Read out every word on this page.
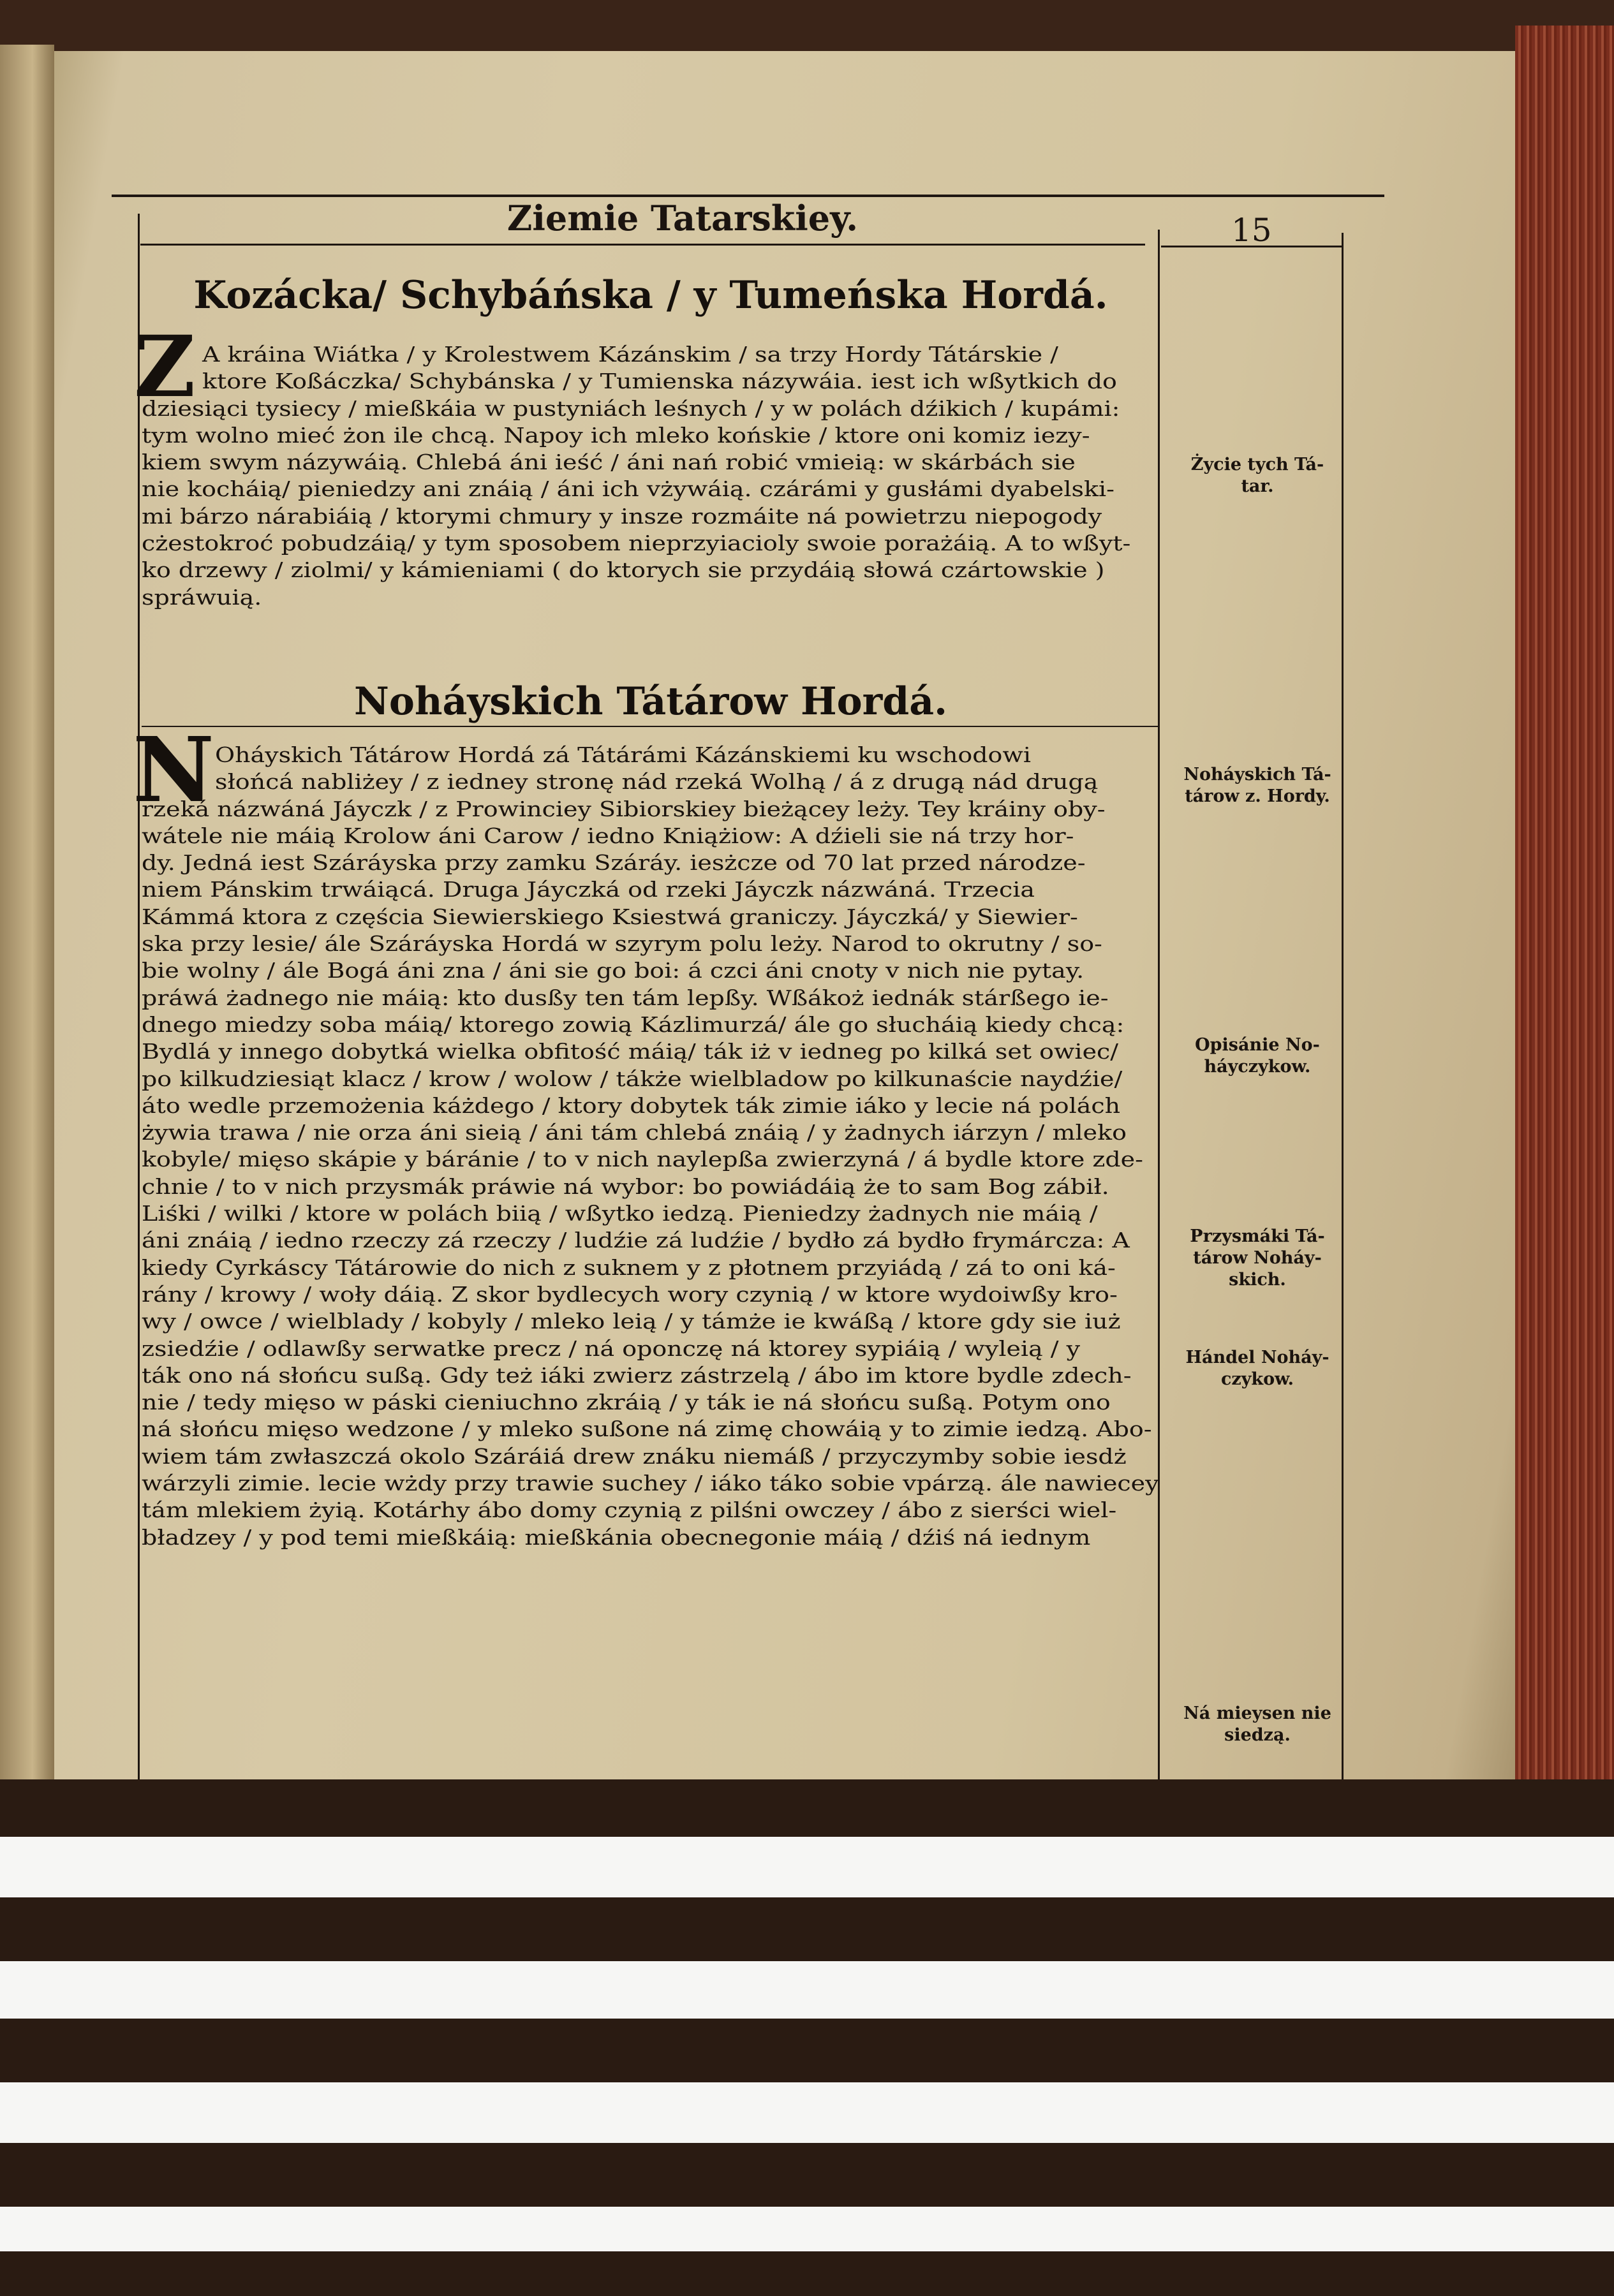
Ziemie Tatarskiey.	15
Kozácka/ Schybáńska / y Tumeńska Hordá.
Z A kráina Wiátka / y Krolestwem Kázánskim / sa trzy Hordy Tátárskie /
ktore Koßáczka/ Schybánska / y Tumienska názywáia. iest ich wßytkich do
dziesiąci tysiecy / mießkáia w pustyniách leśnych / y w polách dźikich / kupámi:
tym wolno mieć żon ile chcą. Napoy ich mleko końskie / ktore oni komiz iezy-
kiem swym názywáią. Chlebá áni ieść / áni nań robić vmieią: w skárbách sie
nie kocháią/ pieniedzy ani znáią / áni ich vżywáią. czárámi y gusłámi dyabelski-
mi bárzo nárabiáią / ktorymi chmury y insze rozmáite ná powietrzu niepogody
cżestokroć pobudzáią/ y tym sposobem nieprzyiacioly swoie porażáią. A to wßyt-
ko drzewy / ziolmi/ y kámieniami ( do ktorych sie przydáią słowá czártowskie )
spráwuią.
Noháyskich Tátárow Hordá.
N Oháyskich Tátárow Hordá zá Tátárámi Kázánskiemi ku wschodowi
słońcá nabliżey / z iedney stronę nád rzeká Wolhą / á z drugą nád drugą
rzeká názwáná Jáyczk / z Prowinciey Sibiorskiey bieżącey leży. Tey kráiny oby-
wátele nie máią Krolow áni Carow / iedno Kniążiow: A dźieli sie ná trzy hor-
dy. Jedná iest Száráyska przy zamku Száráy. iesżcze od 70 lat przed národze-
niem Pánskim trwáiącá. Druga Jáyczká od rzeki Jáyczk názwáná. Trzecia
Kámmá ktora z częścia Siewierskiego Ksiestwá graniczy. Jáyczká/ y Siewier-
ska przy lesie/ ále Száráyska Hordá w szyrym polu leży. Narod to okrutny / so-
bie wolny / ále Bogá áni zna / áni sie go boi: á czci áni cnoty v nich nie pytay.
práwá żadnego nie máią: kto dusßy ten tám lepßy. Wßákoż iednák stárßego ie-
dnego miedzy soba máią/ ktorego zowią Kázlimurzá/ ále go słucháią kiedy chcą:
Bydlá y innego dobytká wielka obfitość máią/ ták iż v iedneg po kilká set owiec/
po kilkudziesiąt klacz / krow / wolow / tákże wielbladow po kilkunaście naydźie/
áto wedle przemożenia káżdego / ktory dobytek ták zimie iáko y lecie ná polách
żywia trawa / nie orza áni sieią / áni tám chlebá znáią / y żadnych iárzyn / mleko
kobyle/ mięso skápie y báránie / to v nich naylepßa zwierzyná / á bydle ktore zde-
chnie / to v nich przysmák práwie ná wybor: bo powiádáią że to sam Bog zábił.
Liśki / wilki / ktore w polách biią / wßytko iedzą. Pieniedzy żadnych nie máią /
áni znáią / iedno rzeczy zá rzeczy / ludźie zá ludźie / bydło zá bydło frymárcza: A
kiedy Cyrkáscy Tátárowie do nich z suknem y z płotnem przyiádą / zá to oni ká-
rány / krowy / woły dáią. Z skor bydlecych wory czynią / w ktore wydoiwßy kro-
wy / owce / wielblady / kobyly / mleko leią / y támże ie kwáßą / ktore gdy sie iuż
zsiedźie / odlawßy serwatke precz / ná oponczę ná ktorey sypiáią / wyleią / y
ták ono ná słońcu sußą. Gdy też iáki zwierz zástrzelą / ábo im ktore bydle zdech-
nie / tedy mięso w páski cieniuchno zkráią / y ták ie ná słońcu sußą. Potym ono
ná słońcu mięso wedzone / y mleko sußone ná zimę chowáią y to zimie iedzą. Abo-
wiem tám zwłaszczá okolo Száráiá drew znáku niemáß / przyczymby sobie iesdż
wárzyli zimie. lecie wżdy przy trawie suchey / iáko táko sobie vpárzą. ále nawiecey
tám mlekiem żyią. Kotárhy ábo domy czynią z pilśni owczey / ábo z sierści wiel-
bładzey / y pod temi mießkáią: mießkánia obecnegonie máią / dźiś ná iednym
Życie tych Tá-
tar.
Noháyskich Tá-
tárow z. Hordy.
Opisánie No-
háyczykow.
Przysmáki Tá-
tárow Noháy-
skich.
Hándel Noháy-
czykow.
Ná mieysen nie
siedzą.
